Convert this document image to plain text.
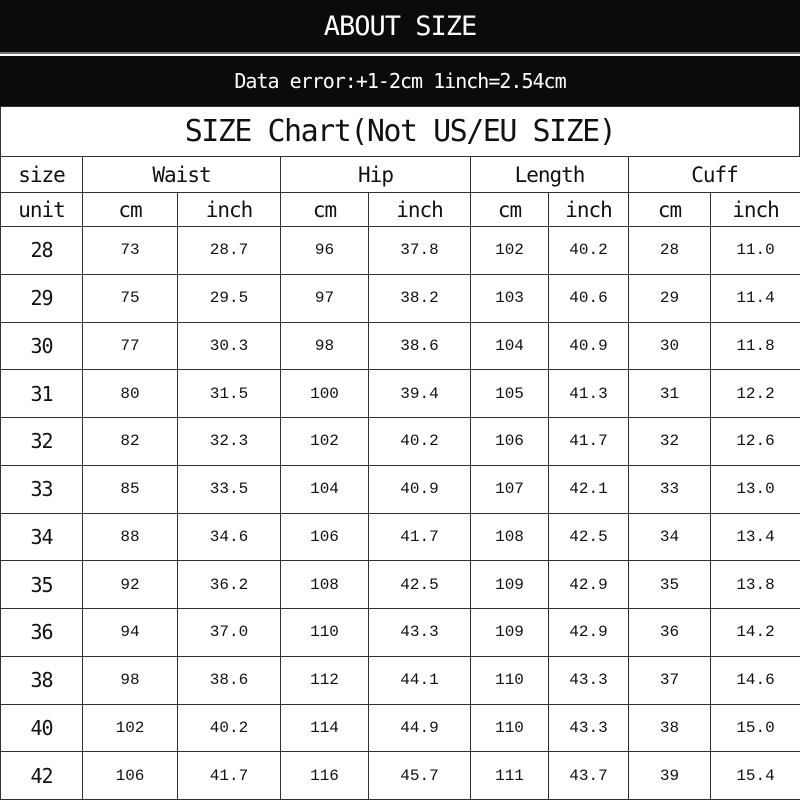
ABOUT SIZE
Data error:+1-2cm 1inch=2.54cm
SIZE Chart(Not US/EU SIZE)
size	Waist		Hip		Length		Cuff	
unit	cm	inch	cm	inch	cm	inch	cm	inch
28	73	28.7	96	37.8	102	40.2	28	11.0
29	75	29.5	97	38.2	103	40.6	29	11.4
30	77	30.3	98	38.6	104	40.9	30	11.8
31	80	31.5	100	39.4	105	41.3	31	12.2
32	82	32.3	102	40.2	106	41.7	32	12.6
33	85	33.5	104	40.9	107	42.1	33	13.0
34	88	34.6	106	41.7	108	42.5	34	13.4
35	92	36.2	108	42.5	109	42.9	35	13.8
36	94	37.0	110	43.3	109	42.9	36	14.2
38	98	38.6	112	44.1	110	43.3	37	14.6
40	102	40.2	114	44.9	110	43.3	38	15.0
42	106	41.7	116	45.7	111	43.7	39	15.4
